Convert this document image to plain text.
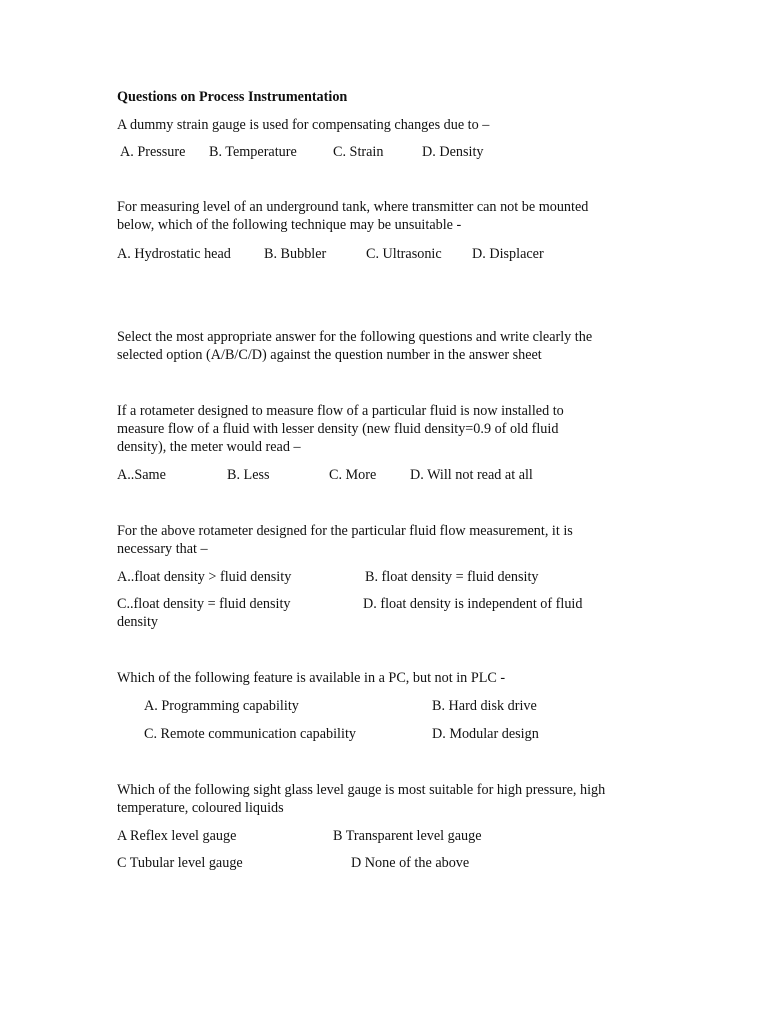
Questions on Process Instrumentation
A dummy strain gauge is used for compensating changes due to –
A. Pressure B. Temperature	C. Strain	D. Density
For measuring level of an underground tank, where transmitter can not be mounted
below, which of the following technique may be unsuitable -
A. Hydrostatic head B. Bubbler	C. Ultrasonic D. Displacer
Select the most appropriate answer for the following questions and write clearly the
selected option (A/B/C/D) against the question number in the answer sheet
If a rotameter designed to measure flow of a particular fluid is now installed to
measure flow of a fluid with lesser density (new fluid density=0.9 of old fluid
density), the meter would read –
A..Same	B. Less	C. More D. Will not read at all
For the above rotameter designed for the particular fluid flow measurement, it is
necessary that –
A..float density > fluid density	B. float density = fluid density
C..float density = fluid density	D. float density is independent of fluid
density
Which of the following feature is available in a PC, but not in PLC -
A. Programming capability	B. Hard disk drive
C. Remote communication capability	D. Modular design
Which of the following sight glass level gauge is most suitable for high pressure, high
temperature, coloured liquids
A Reflex level gauge	B Transparent level gauge
C Tubular level gauge	D None of the above
